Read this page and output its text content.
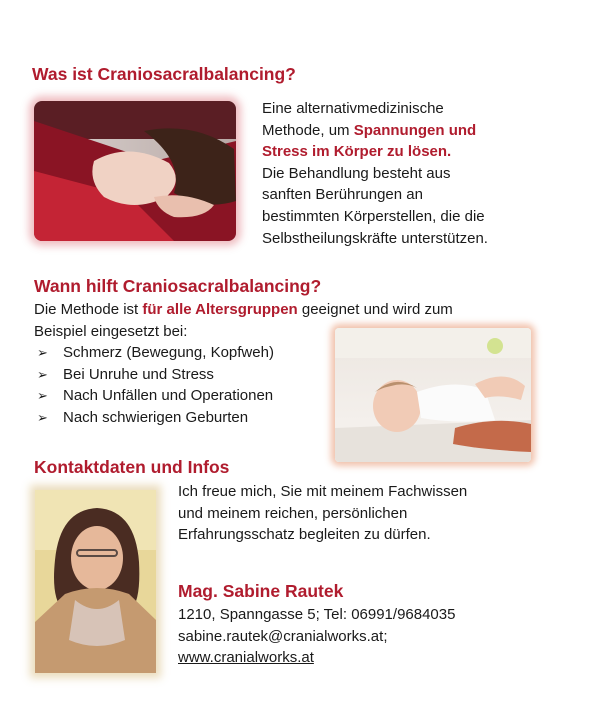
Was ist Craniosacralbalancing?
Eine alternativmedizinische
Methode, um Spannungen und
Stress im Körper zu lösen.
Die Behandlung besteht aus
sanften Berührungen an
bestimmten Körperstellen, die die
Selbstheilungskräfte unterstützen.
Wann hilft Craniosacralbalancing?
Die Methode ist für alle Altersgruppen geeignet und wird zum
Beispiel eingesetzt bei:
➢ Schmerz (Bewegung, Kopfweh)
➢ Bei Unruhe und Stress
➢ Nach Unfällen und Operationen
➢ Nach schwierigen Geburten
Kontaktdaten und Infos
Ich freue mich, Sie mit meinem Fachwissen
und meinem reichen, persönlichen
Erfahrungsschatz begleiten zu dürfen.
Mag. Sabine Rautek
1210, Spanngasse 5; Tel: 06991/9684035
sabine.rautek@cranialworks.at;
www.cranialworks.at
